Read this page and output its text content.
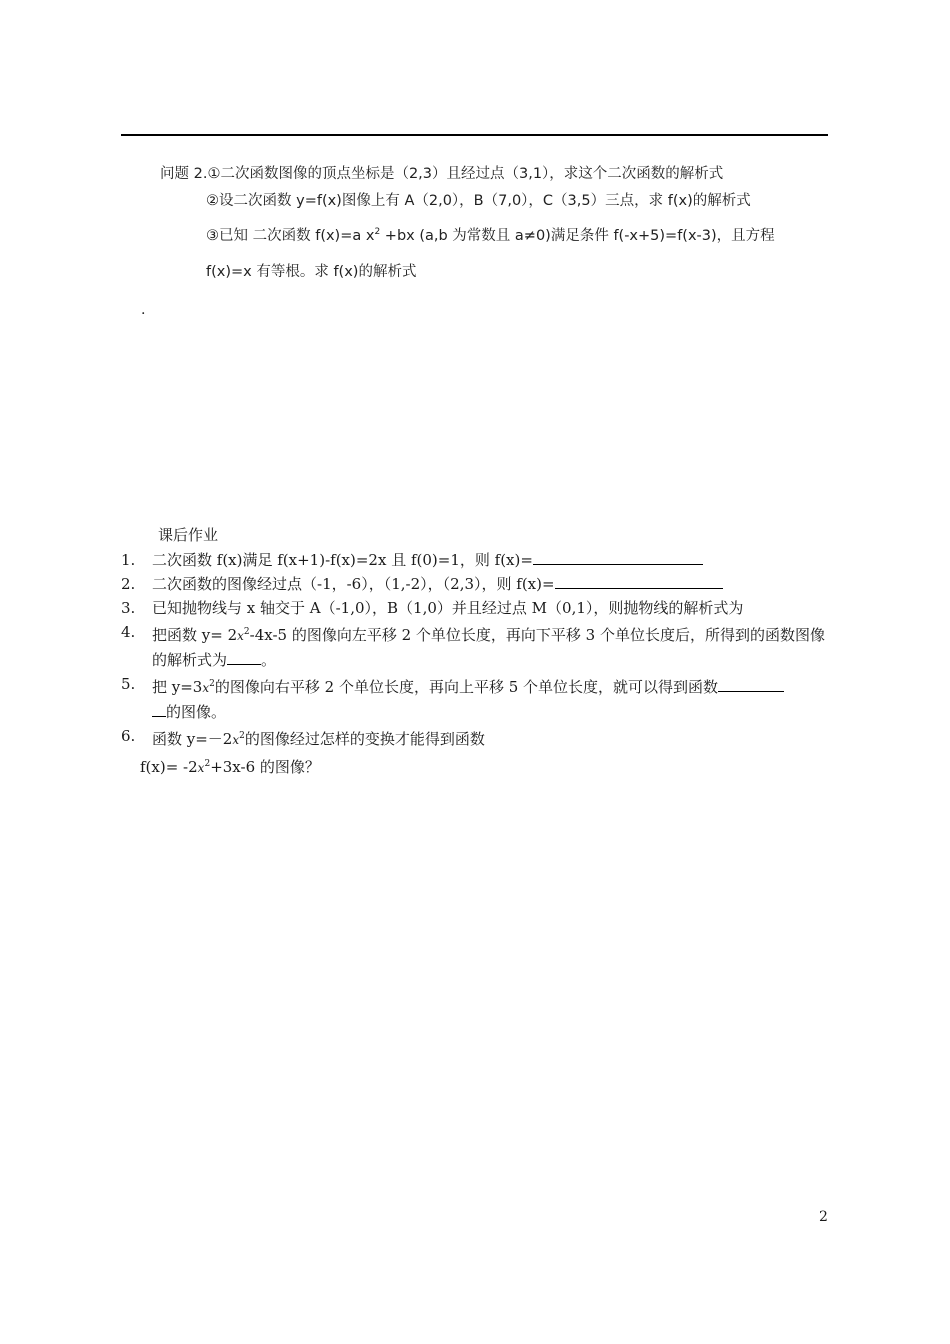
问题 2.①二次函数图像的顶点坐标是（2,3）且经过点（3,1），求这个二次函数的解析式
②设二次函数 y=f(x)图像上有 A（2,0），B（7,0），C（3,5）三点，求 f(x)的解析式
③已知 二次函数 f(x)=a $x^2 +bx$ (a,b 为常数且 a≠0)满足条件 f(-x+5)=f(x-3)，且方程
f(x)=x 有等根。求 f(x)的解析式
.
课后作业
1. 二次函数 f(x)满足 f(x+1)-f(x)=2x 且 f(0)=1，则 f(x)=
2. 二次函数的图像经过点（-1，-6），（1,-2），（2,3），则 f(x)=
3. 已知抛物线与 x 轴交于 A（-1,0），B（1,0）并且经过点 M（0,1），则抛物线的解析式为
4. 把函数 $y= 2x^2-4x-5$ 的图像向左平移 2 个单位长度，再向下平移 3 个单位长度后，所得到的函数图像的解析式为 。
5. 把 $y=3x^2$的图像向右平移 2 个单位长度，再向上平移 5 个单位长度，就可以得到函数
的图像。
6. 函数 $y=-2x^2$的图像经过怎样的变换才能得到函数
$f(x)= -2x^2+3x-6$ 的图像？
2
